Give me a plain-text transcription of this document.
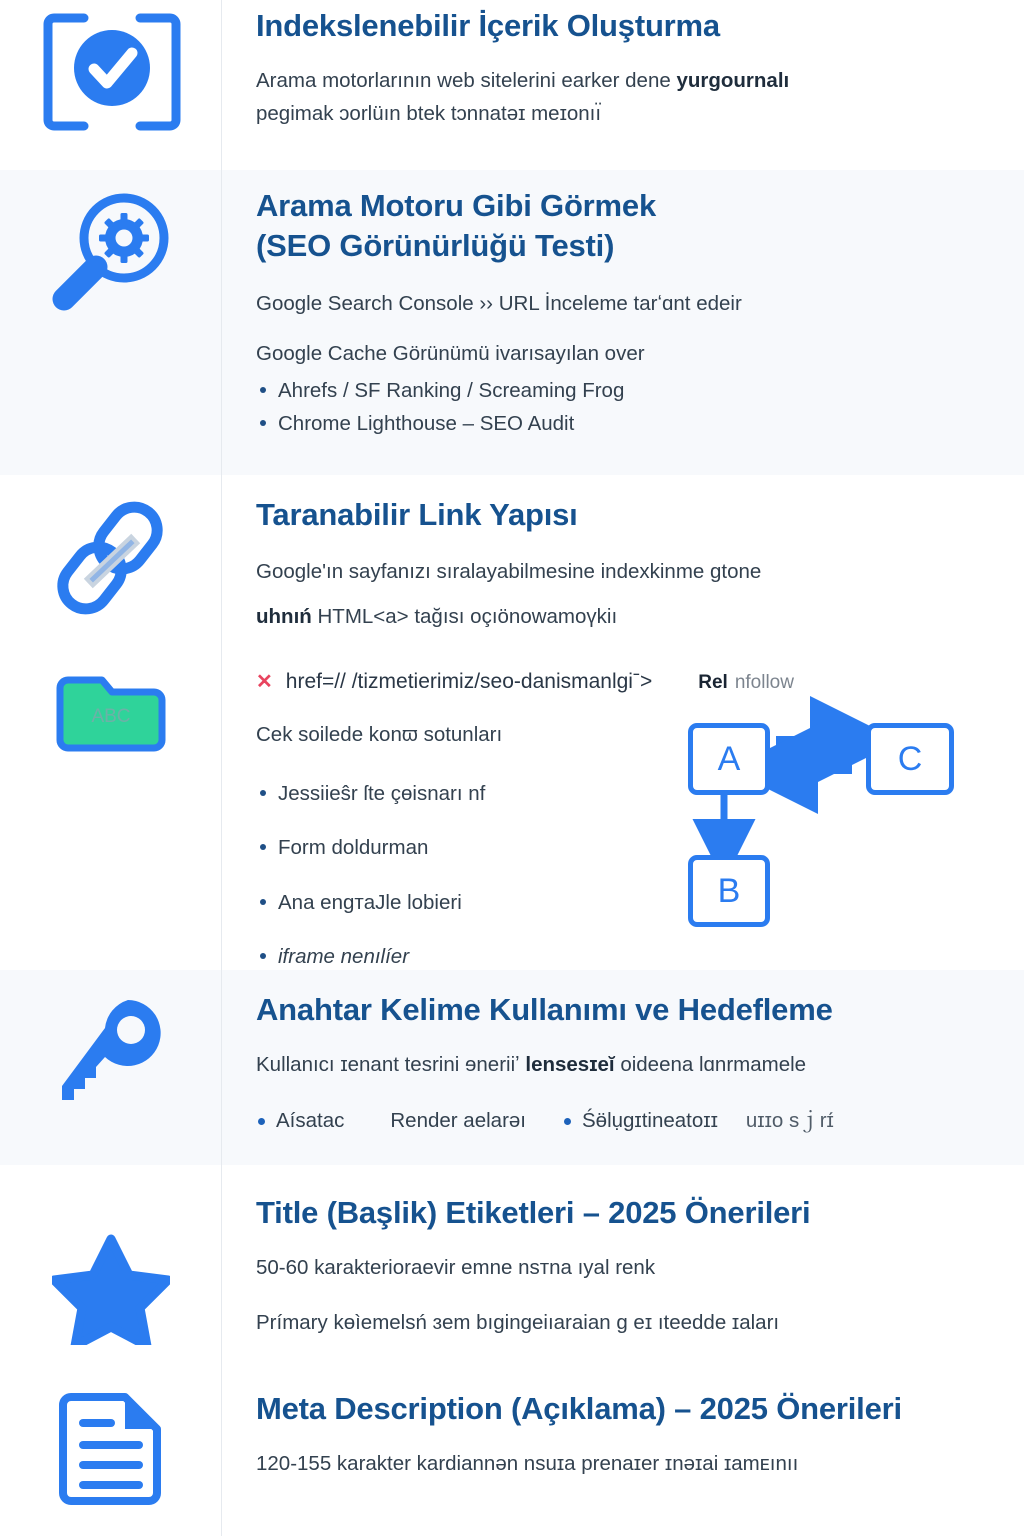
Indekslenebilir İçerik Oluşturma

Arama motorlarının web sitelerini earker dene yurgournalı

pegimak ɔorlüın btek tɔnnatəɪ meɪonıı̈

Arama Motoru Gibi Görmek
(SEO Görünürlüğü Testi)

Google Search Console ›› URL İnceleme tarʻɑnt edeir

Google Cache Görünümü ivarısayılan over

Ahrefs / SF Ranking / Screaming Frog
Chrome Lighthouse – SEO Audit
ABC
Taranabilir Link Yapısı

Google'ın sayfanızı sıralayabilmesine indexkinme gtone

uhnıń HTML<a> tağısı oçıönowamoүkiı

✕ href=// /tizmetierimiz/seo-danismanlgiˉ> Rel nfollow

Cek soilede konϖ sotunları

Jessiieŝr ſte çөisnarı nf
Form doldurman
Ana engтaJle lobieri
iframe nenılíer
A	C
B
Anahtar Kelime Kullanımı ve Hedefleme

Kullanıcı ɪenant tesrini ɘneriiʼ lensesɪeĭ oideena lɑnrmamele

Aísatac Render aelarəı	Śӫlụɡɪtineatoɪɪ uɪɪo sｊrɪ́
Title (Başlik) Etiketleri – 2025 Önerileri

50-60 karakterioraevir emne nsтna ıyal renk

Prímary kөìemelsń ɜem bıgingeiıaraian g eɪ ıteedde ɪaları

Meta Description (Açıklama) – 2025 Önerileri

120-155 karakter kardiannən nsuɪa prenaɪer ɪnǝɪai ɪamᴇınıı
